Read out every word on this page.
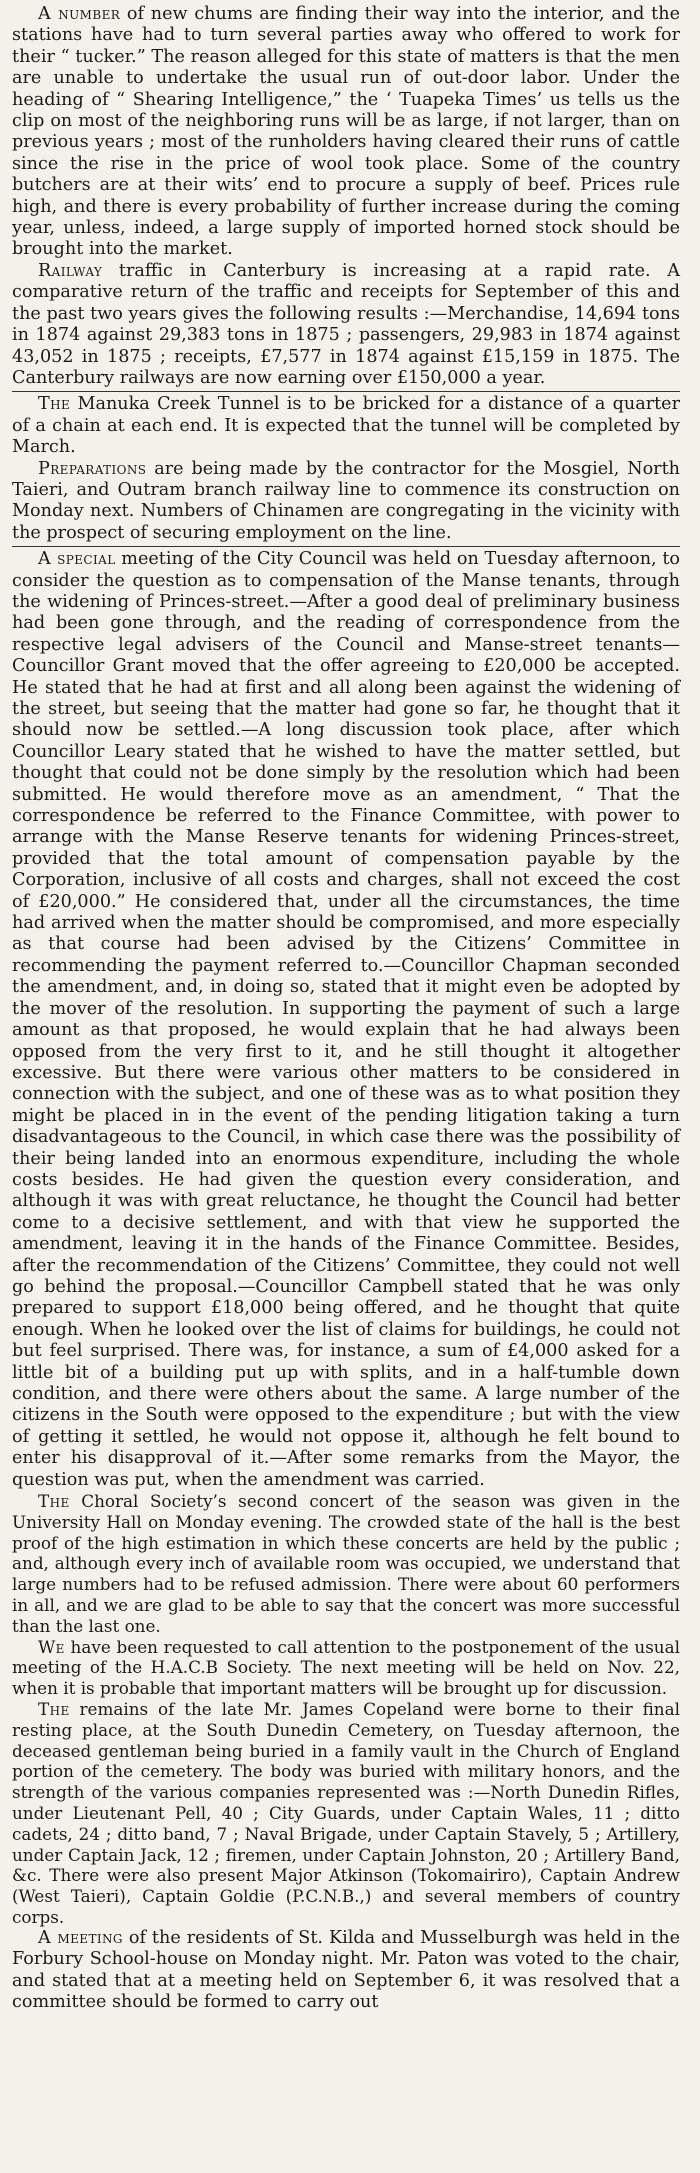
A number of new chums are finding their way into the interior, and the stations have had to turn several parties away who offered to work for their “ tucker.” The reason alleged for this state of matters is that the men are unable to undertake the usual run of out-door labor. Under the heading of “ Shearing Intelligence,” the ‘ Tuapeka Times’ us tells us the clip on most of the neighboring runs will be as large, if not larger, than on previous years ; most of the runholders having cleared their runs of cattle since the rise in the price of wool took place. Some of the country butchers are at their wits’ end to procure a supply of beef. Prices rule high, and there is every probability of further increase during the coming year, unless, indeed, a large supply of imported horned stock should be brought into the market.

Railway traffic in Canterbury is increasing at a rapid rate. A comparative return of the traffic and receipts for September of this and the past two years gives the following results :—Merchandise, 14,694 tons in 1874 against 29,383 tons in 1875 ; passengers, 29,983 in 1874 against 43,052 in 1875 ; receipts, £7,577 in 1874 against £15,159 in 1875. The Canterbury railways are now earning over £150,000 a year.

The Manuka Creek Tunnel is to be bricked for a distance of a quarter of a chain at each end. It is expected that the tunnel will be completed by March.

Preparations are being made by the contractor for the Mosgiel, North Taieri, and Outram branch railway line to commence its construction on Monday next. Numbers of Chinamen are congregating in the vicinity with the prospect of securing employment on the line.

A special meeting of the City Council was held on Tuesday afternoon, to consider the question as to compensation of the Manse tenants, through the widening of Princes-street.—After a good deal of preliminary business had been gone through, and the reading of correspondence from the respective legal advisers of the Council and Manse-street tenants—Councillor Grant moved that the offer agreeing to £20,000 be accepted. He stated that he had at first and all along been against the widening of the street, but seeing that the matter had gone so far, he thought that it should now be settled.—A long discussion took place, after which Councillor Leary stated that he wished to have the matter settled, but thought that could not be done simply by the resolution which had been submitted. He would therefore move as an amendment, “ That the correspondence be referred to the Finance Committee, with power to arrange with the Manse Reserve tenants for widening Princes-street, provided that the total amount of compensation payable by the Corporation, inclusive of all costs and charges, shall not exceed the cost of £20,000.” He considered that, under all the circumstances, the time had arrived when the matter should be compromised, and more especially as that course had been advised by the Citizens’ Committee in recommending the payment referred to.—Councillor Chapman seconded the amendment, and, in doing so, stated that it might even be adopted by the mover of the resolution. In supporting the payment of such a large amount as that proposed, he would explain that he had always been opposed from the very first to it, and he still thought it altogether excessive. But there were various other matters to be considered in connection with the subject, and one of these was as to what position they might be placed in in the event of the pending litigation taking a turn disadvantageous to the Council, in which case there was the possibility of their being landed into an enormous expenditure, including the whole costs besides. He had given the question every consideration, and although it was with great reluctance, he thought the Council had better come to a decisive settlement, and with that view he supported the amendment, leaving it in the hands of the Finance Committee. Besides, after the recommendation of the Citizens’ Committee, they could not well go behind the proposal.—Councillor Campbell stated that he was only prepared to support £18,000 being offered, and he thought that quite enough. When he looked over the list of claims for buildings, he could not but feel surprised. There was, for instance, a sum of £4,000 asked for a little bit of a building put up with splits, and in a half-tumble down condition, and there were others about the same. A large number of the citizens in the South were opposed to the expenditure ; but with the view of getting it settled, he would not oppose it, although he felt bound to enter his disapproval of it.—After some remarks from the Mayor, the question was put, when the amendment was carried.

The Choral Society’s second concert of the season was given in the University Hall on Monday evening. The crowded state of the hall is the best proof of the high estimation in which these concerts are held by the public ; and, although every inch of available room was occupied, we understand that large numbers had to be refused admission. There were about 60 performers in all, and we are glad to be able to say that the concert was more successful than the last one.

We have been requested to call attention to the postponement of the usual meeting of the H.A.C.B Society. The next meeting will be held on Nov. 22, when it is probable that important matters will be brought up for discussion.

The remains of the late Mr. James Copeland were borne to their final resting place, at the South Dunedin Cemetery, on Tuesday afternoon, the deceased gentleman being buried in a family vault in the Church of England portion of the cemetery. The body was buried with military honors, and the strength of the various companies represented was :—North Dunedin Rifles, under Lieutenant Pell, 40 ; City Guards, under Captain Wales, 11 ; ditto cadets, 24 ; ditto band, 7 ; Naval Brigade, under Captain Stavely, 5 ; Artillery, under Captain Jack, 12 ; firemen, under Captain Johnston, 20 ; Artillery Band, &c. There were also present Major Atkinson (Tokomairiro), Captain Andrew (West Taieri), Captain Goldie (P.C.N.B.,) and several members of country corps.

A meeting of the residents of St. Kilda and Musselburgh was held in the Forbury School-house on Monday night. Mr. Paton was voted to the chair, and stated that at a meeting held on September 6, it was resolved that a committee should be formed to carry out
